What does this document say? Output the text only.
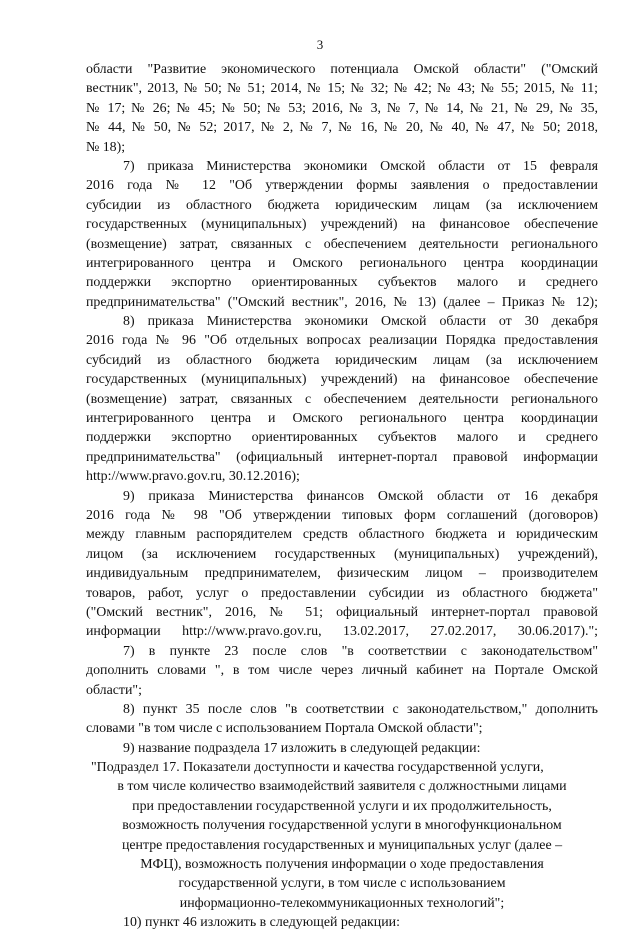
3
области "Развитие экономического потенциала Омской области" ("Омский
вестник", 2013, № 50; № 51; 2014, № 15; № 32; № 42; № 43; № 55; 2015, № 11;
№ 17; № 26; № 45; № 50; № 53; 2016, № 3, № 7, № 14, № 21, № 29, № 35,
№ 44, № 50, № 52; 2017, № 2, № 7, № 16, № 20, № 40, № 47, № 50; 2018,
№ 18);
7) приказа Министерства экономики Омской области от 15 февраля
2016 года № 12 "Об утверждении формы заявления о предоставлении
субсидии из областного бюджета юридическим лицам (за исключением
государственных (муниципальных) учреждений) на финансовое обеспечение
(возмещение) затрат, связанных с обеспечением деятельности регионального
интегрированного центра и Омского регионального центра координации
поддержки экспортно ориентированных субъектов малого и среднего
предпринимательства" ("Омский вестник", 2016, № 13) (далее – Приказ № 12);
8) приказа Министерства экономики Омской области от 30 декабря
2016 года № 96 "Об отдельных вопросах реализации Порядка предоставления
субсидий из областного бюджета юридическим лицам (за исключением
государственных (муниципальных) учреждений) на финансовое обеспечение
(возмещение) затрат, связанных с обеспечением деятельности регионального
интегрированного центра и Омского регионального центра координации
поддержки экспортно ориентированных субъектов малого и среднего
предпринимательства" (официальный интернет-портал правовой информации
http://www.pravo.gov.ru, 30.12.2016);
9) приказа Министерства финансов Омской области от 16 декабря
2016 года № 98 "Об утверждении типовых форм соглашений (договоров)
между главным распорядителем средств областного бюджета и юридическим
лицом (за исключением государственных (муниципальных) учреждений),
индивидуальным предпринимателем, физическим лицом – производителем
товаров, работ, услуг о предоставлении субсидии из областного бюджета"
("Омский вестник", 2016, № 51; официальный интернет-портал правовой
информации http://www.pravo.gov.ru, 13.02.2017, 27.02.2017, 30.06.2017).";
7) в пункте 23 после слов "в соответствии с законодательством"
дополнить словами ", в том числе через личный кабинет на Портале Омской
области";
8) пункт 35 после слов "в соответствии с законодательством," дополнить
словами "в том числе с использованием Портала Омской области";
9) название подраздела 17 изложить в следующей редакции:
"Подраздел 17. Показатели доступности и качества государственной услуги,
в том числе количество взаимодействий заявителя с должностными лицами
при предоставлении государственной услуги и их продолжительность,
возможность получения государственной услуги в многофункциональном
центре предоставления государственных и муниципальных услуг (далее –
МФЦ), возможность получения информации о ходе предоставления
государственной услуги, в том числе с использованием
информационно-телекоммуникационных технологий";
10) пункт 46 изложить в следующей редакции:
